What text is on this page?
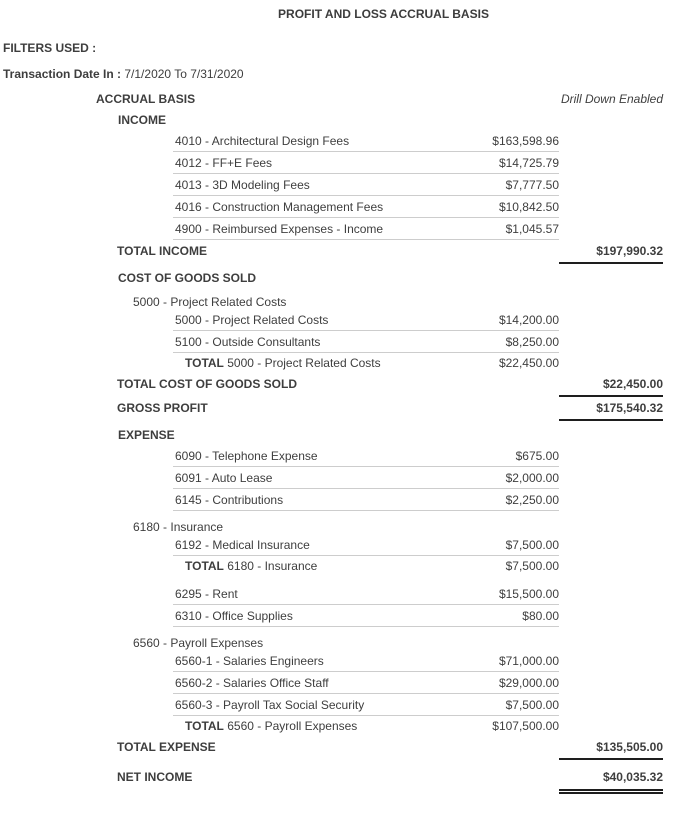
PROFIT AND LOSS ACCRUAL BASIS
FILTERS USED :
Transaction Date In : 7/1/2020 To 7/31/2020
ACCRUAL BASIS	Drill Down Enabled
INCOME
4010 - Architectural Design Fees	$163,598.96
4012 - FF+E Fees	$14,725.79
4013 - 3D Modeling Fees	$7,777.50
4016 - Construction Management Fees	$10,842.50
4900 - Reimbursed Expenses - Income	$1,045.57
TOTAL INCOME	$197,990.32
COST OF GOODS SOLD
5000 - Project Related Costs
5000 - Project Related Costs	$14,200.00
5100 - Outside Consultants	$8,250.00
TOTAL 5000 - Project Related Costs	$22,450.00
TOTAL COST OF GOODS SOLD	$22,450.00
GROSS PROFIT	$175,540.32
EXPENSE
6090 - Telephone Expense	$675.00
6091 - Auto Lease	$2,000.00
6145 - Contributions	$2,250.00
6180 - Insurance
6192 - Medical Insurance	$7,500.00
TOTAL 6180 - Insurance	$7,500.00
6295 - Rent	$15,500.00
6310 - Office Supplies	$80.00
6560 - Payroll Expenses
6560-1 - Salaries Engineers	$71,000.00
6560-2 - Salaries Office Staff	$29,000.00
6560-3 - Payroll Tax Social Security	$7,500.00
TOTAL 6560 - Payroll Expenses	$107,500.00
TOTAL EXPENSE	$135,505.00
NET INCOME	$40,035.32
